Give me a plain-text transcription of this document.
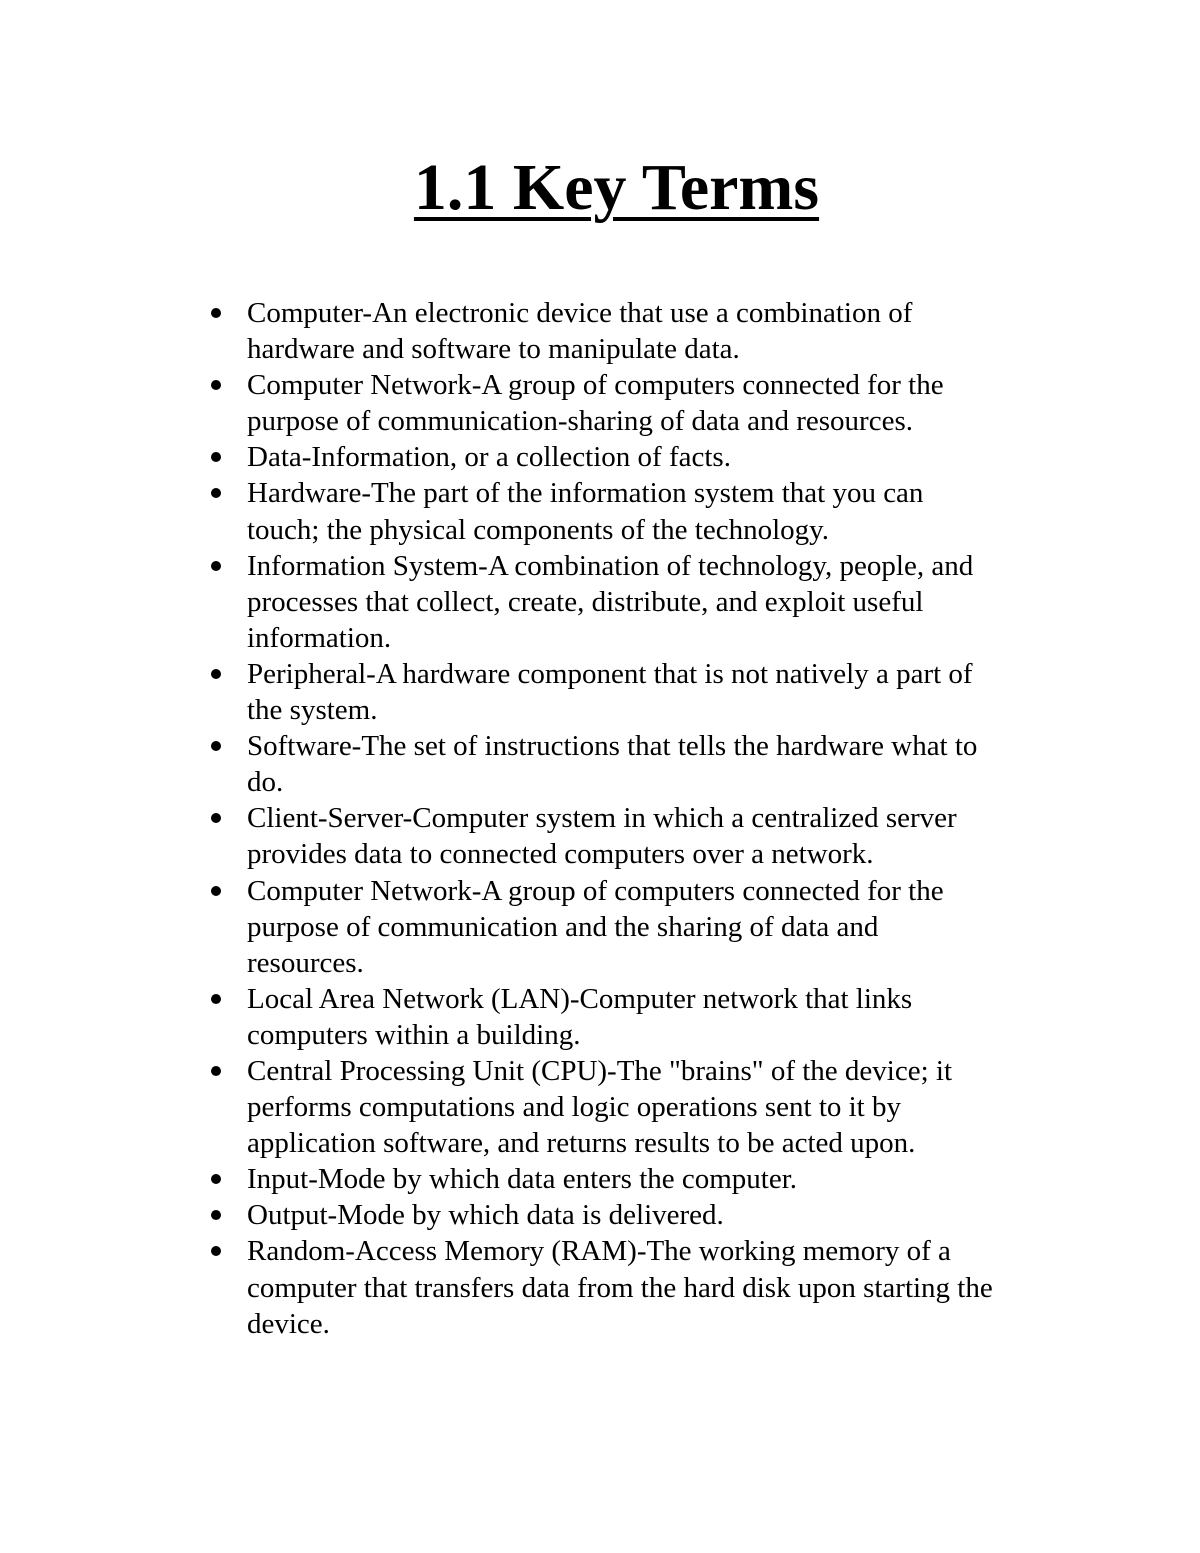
1.1 Key Terms
Computer-An electronic device that use a combination of
hardware and software to manipulate data.
Computer Network-A group of computers connected for the
purpose of communication-sharing of data and resources.
Data-Information, or a collection of facts.
Hardware-The part of the information system that you can
touch; the physical components of the technology.
Information System-A combination of technology, people, and
processes that collect, create, distribute, and exploit useful
information.
Peripheral-A hardware component that is not natively a part of
the system.
Software-The set of instructions that tells the hardware what to
do.
Client-Server-Computer system in which a centralized server
provides data to connected computers over a network.
Computer Network-A group of computers connected for the
purpose of communication and the sharing of data and
resources.
Local Area Network (LAN)-Computer network that links
computers within a building.
Central Processing Unit (CPU)-The "brains" of the device; it
performs computations and logic operations sent to it by
application software, and returns results to be acted upon.
Input-Mode by which data enters the computer.
Output-Mode by which data is delivered.
Random-Access Memory (RAM)-The working memory of a
computer that transfers data from the hard disk upon starting the
device.
